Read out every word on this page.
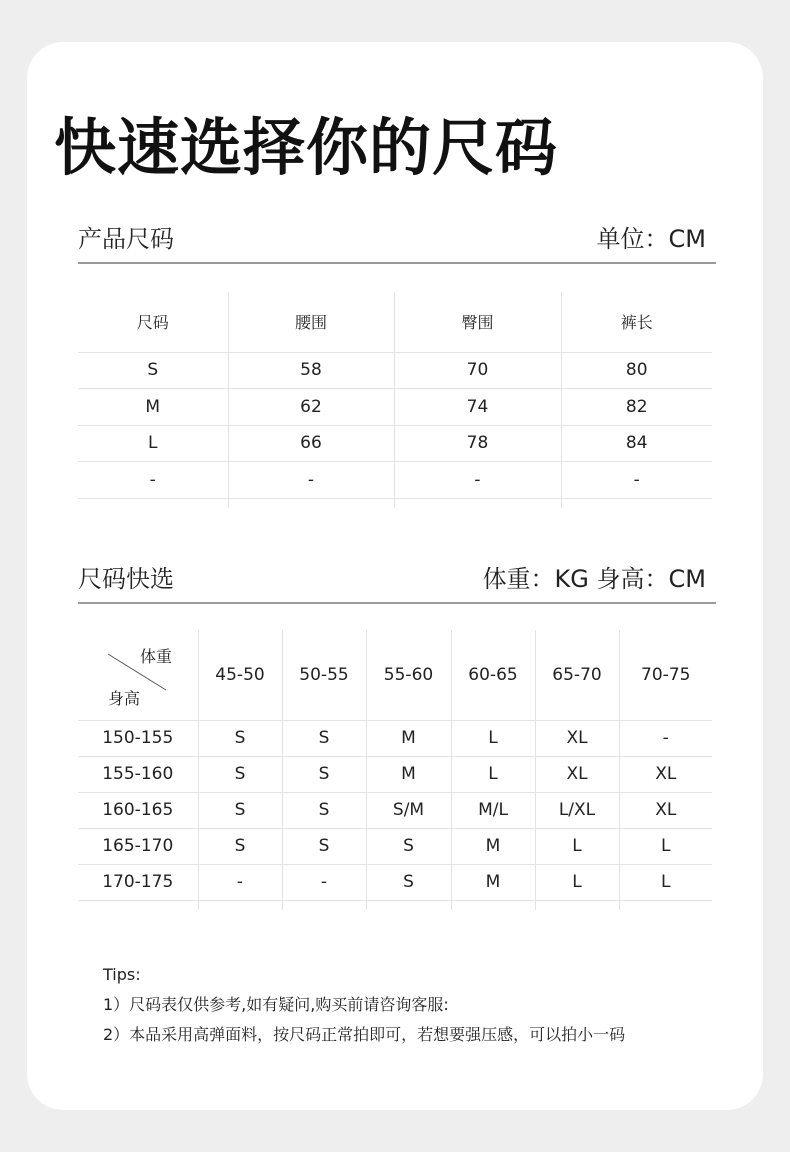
快速选择你的尺码
产品尺码	单位：CM
尺码	腰围	臀围	裤长
S	58	70	80
M	62	74	82
L	66	78	84
-	-	-	-

尺码快选	体重：KG 身高：CM
体重
身高	45-50	50-55	55-60	60-65	65-70	70-75
150-155	S	S	M	L	XL	-
155-160	S	S	M	L	XL	XL
160-165	S	S	S/M	M/L	L/XL	XL
165-170	S	S	S	M	L	L
170-175	-	-	S	M	L	L

Tips:
1）尺码表仅供参考,如有疑问,购买前请咨询客服:
2）本品采用高弹面料，按尺码正常拍即可，若想要强压感，可以拍小一码
